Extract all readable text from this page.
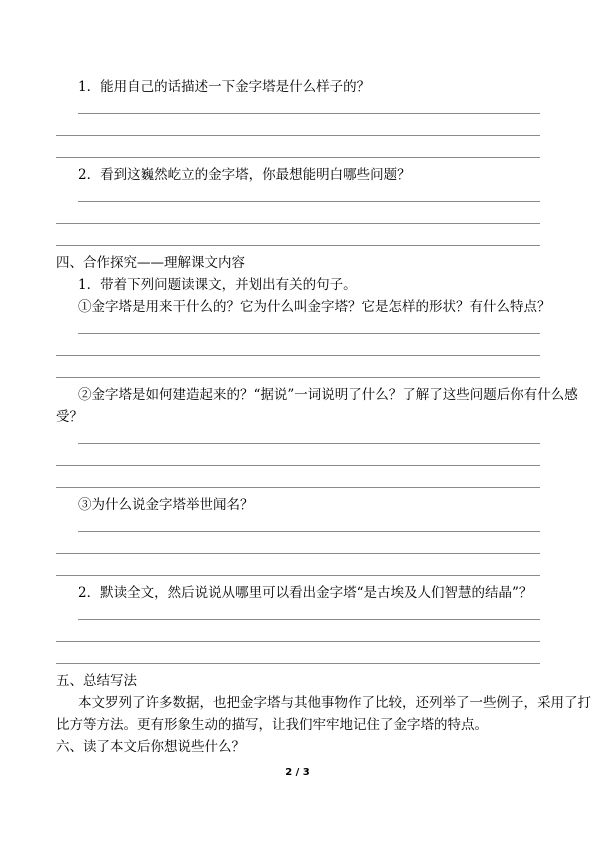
1．能用自己的话描述一下金字塔是什么样子的？

2．看到这巍然屹立的金字塔，你最想能明白哪些问题？

四、合作探究——理解课文内容

1．带着下列问题读课文，并划出有关的句子。

①金字塔是用来干什么的？它为什么叫金字塔？它是怎样的形状？有什么特点？

②金字塔是如何建造起来的？“据说”一词说明了什么？了解了这些问题后你有什么感

受？

③为什么说金字塔举世闻名？

2．默读全文，然后说说从哪里可以看出金字塔“是古埃及人们智慧的结晶”？

五、总结写法

本文罗列了许多数据，也把金字塔与其他事物作了比较，还列举了一些例子，采用了打

比方等方法。更有形象生动的描写，让我们牢牢地记住了金字塔的特点。

六、读了本文后你想说些什么？

2 / 3
